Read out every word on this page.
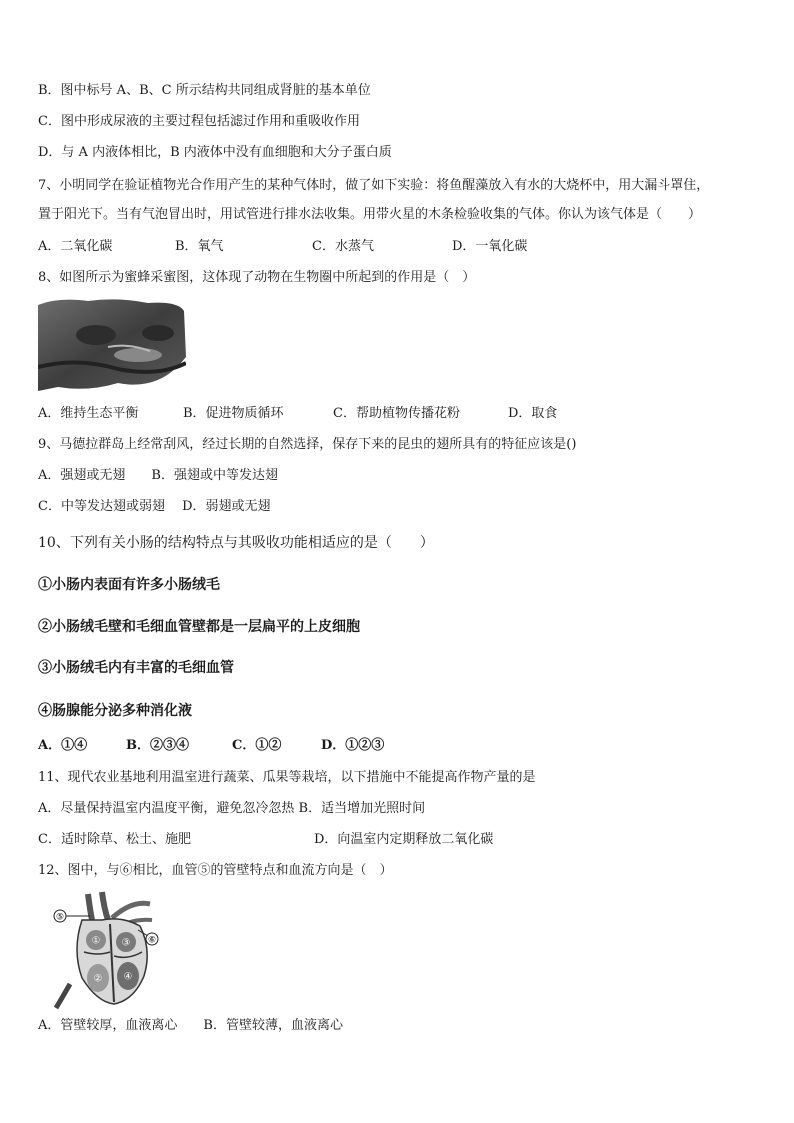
B．图中标号 A、B、C 所示结构共同组成肾脏的基本单位
C．图中形成尿液的主要过程包括滤过作用和重吸收作用
D．与 A 内液体相比，B 内液体中没有血细胞和大分子蛋白质
7、小明同学在验证植物光合作用产生的某种气体时，做了如下实验：将鱼醒藻放入有水的大烧杯中，用大漏斗罩住，
置于阳光下。当有气泡冒出时，用试管进行排水法收集。用带火星的木条检验收集的气体。你认为该气体是（　　）
A．二氧化碳	B．氧气	C．水蒸气	D．一氧化碳
8、如图所示为蜜蜂采蜜图，这体现了动物在生物圈中所起到的作用是（　）
A．维持生态平衡	B．促进物质循环	C．帮助植物传播花粉	D．取食
9、马德拉群岛上经常刮风，经过长期的自然选择，保存下来的昆虫的翅所具有的特征应该是()
A．强翅或无翅　　B．强翅或中等发达翅
C．中等发达翅或弱翅　 D．弱翅或无翅
10、下列有关小肠的结构特点与其吸收功能相适应的是（　　）
①小肠内表面有许多小肠绒毛
②小肠绒毛壁和毛细血管壁都是一层扁平的上皮细胞
③小肠绒毛内有丰富的毛细血管
④肠腺能分泌多种消化液
A．①④	B．②③④	C．①②	D．①②③
11、现代农业基地利用温室进行蔬菜、瓜果等栽培，以下措施中不能提高作物产量的是
A．尽量保持温室内温度平衡，避免忽冷忽热 B．适当增加光照时间
C．适时除草、松土、施肥	D．向温室内定期释放二氧化碳
12、图中，与⑥相比，血管⑤的管壁特点和血流方向是（　）
⑤
⑥
①
②
③
④
A．管壁较厚，血液离心　　B．管壁较薄，血液离心
